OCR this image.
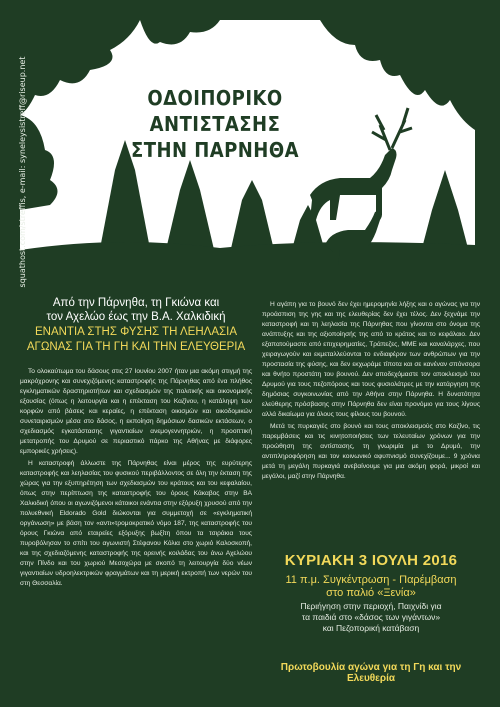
ΟΔΟΙΠΟΡΙΚΟ ΑΝΤΙΣΤΑΣΗΣ
ΣΤΗΝ ΠΑΡΝΗΘΑ
squathost.com/streffis, e-mail: syneleysistreff@riseup.net
Από την Πάρνηθα, τη Γκιώνα και
τον Αχελώο έως την Β.Α. Χαλκιδική
ΕΝΑΝΤΙΑ ΣΤΗΣ ΦΥΣΗΣ ΤΗ ΛΕΗΛΑΣΙΑ
ΑΓΩΝΑΣ ΓΙΑ ΤΗ ΓΗ ΚΑΙ ΤΗΝ ΕΛΕΥΘΕΡΙΑ

Το ολοκαύτωμα του δάσους στις 27 Ιουνίου 2007 ήταν μια ακόμη στιγμή της μακρόχρονης και συνεχιζόμενης καταστροφής της Πάρνηθας από ένα πλήθος εγκληματικών δραστηριοτήτων και σχεδιασμών της πολιτικής και οικονομικής εξουσίας (όπως η λειτουργία και η επέκταση του Καζίνου, η κατάληψη των κορφών από βάσεις και κεραίες, η επέκταση οικισμών και οικοδομικών συνεταιρισμών μέσα στο δάσος, η εκποίηση δημόσιων δασικών εκτάσεων, ο σχεδιασμός εγκατάστασης γιγαντιαίων ανεμογεννητριών, η προοπτική μετατροπής του Δρυμού σε περιαστικό πάρκο της Αθήνας με διάφορες εμπορικές χρήσεις).

Η καταστροφή άλλωστε της Πάρνηθας είναι μέρος της ευρύτερης καταστροφής και λεηλασίας του φυσικού περιβάλλοντος σε όλη την έκταση της χώρας για την εξυπηρέτηση των σχεδιασμών του κράτους και του κεφαλαίου, όπως στην περίπτωση της καταστροφής του όρους Κάκαβος στην ΒΑ Χαλκιδική όπου οι αγωνιζόμενοι κάτοικοι ενάντια στην εξόρυξη χρυσού από την πολυεθνική Eldorado Gold διώκονται για συμμετοχή σε «εγκληματική οργάνωση» με βάση τον «αντι»τρομοκρατικό νόμο 187, της καταστροφής του όρους Γκιώνα από εταιρείες εξόρυξης βωξίτη όπου τα τσιράκια τους πυροβόλησαν το σπίτι του αγωνιστή Στέφανου Κόλια στο χωριό Καλοσκοπή, και της σχεδιαζόμενης καταστροφής της ορεινής κοιλάδας του άνω Αχελώου στην Πίνδο και του χωριού Μεσοχώρα με σκοπό τη λειτουργία δύο νέων γιγαντιαίων υδροηλεκτρικών φραγμάτων και τη μερική εκτροπή των νερών του στη Θεσσαλία.

Η αγάπη για το βουνό δεν έχει ημερομηνία λήξης και ο αγώνας για την προάσπιση της γης και της ελευθερίας δεν έχει τέλος. Δεν ξεχνάμε την καταστροφή και τη λεηλασία της Πάρνηθας που γίνονται στο όνομα της ανάπτυξης και της αξιοποίησής της από το κράτος και το κεφάλαιο. Δεν εξαπατούμαστε από επιχειρηματίες, Τράπεζες, ΜΜΕ και καναλάρχες, που χειραγωγούν και εκμεταλλεύονται το ενδιαφέρον των ανθρώπων για την προστασία της φύσης, και δεν εκχωράμε τίποτα και σε κανέναν σπόνσορα και θνήτο προστάτη του βουνού. Δεν αποδεχόμαστε τον αποκλεισμό του Δρυμού για τους πεζοπόρους και τους φυσιολάτρες με την κατάργηση της δημόσιας συγκοινωνίας από την Αθήνα στην Πάρνηθα. Η δυνατότητα ελεύθερης πρόσβασης στην Πάρνηθα δεν είναι προνόμιο για τους λίγους αλλά δικαίωμα για όλους τους φίλους του βουνού.

Μετά τις πυρκαγιές στο βουνό και τους αποκλεισμούς στο Καζίνο, τις παρεμβάσεις και τις κινητοποιήσεις των τελευταίων χρόνων για την προώθηση της αντίστασης, τη γνωριμία με το Δρυμό, την αντιπληροφόρηση και τον κοινωνικό αφυπνισμό συνεχίζουμε... 9 χρόνια μετά τη μεγάλη πυρκαγιά ανεβαίνουμε για μια ακόμη φορά, μικροί και μεγάλοι, μαζί στην Πάρνηθα.

ΚΥΡΙΑΚΗ 3 ΙΟΥΛΗ 2016
11 π.μ. Συγκέντρωση - Παρέμβαση
στο παλιό «Ξενία»
Περιήγηση στην περιοχή, Παιχνίδι για
τα παιδιά στο «δάσος των γιγάντων»
και Πεζοπορική κατάβαση
Πρωτοβουλία αγώνα για τη Γη και την Ελευθερία
